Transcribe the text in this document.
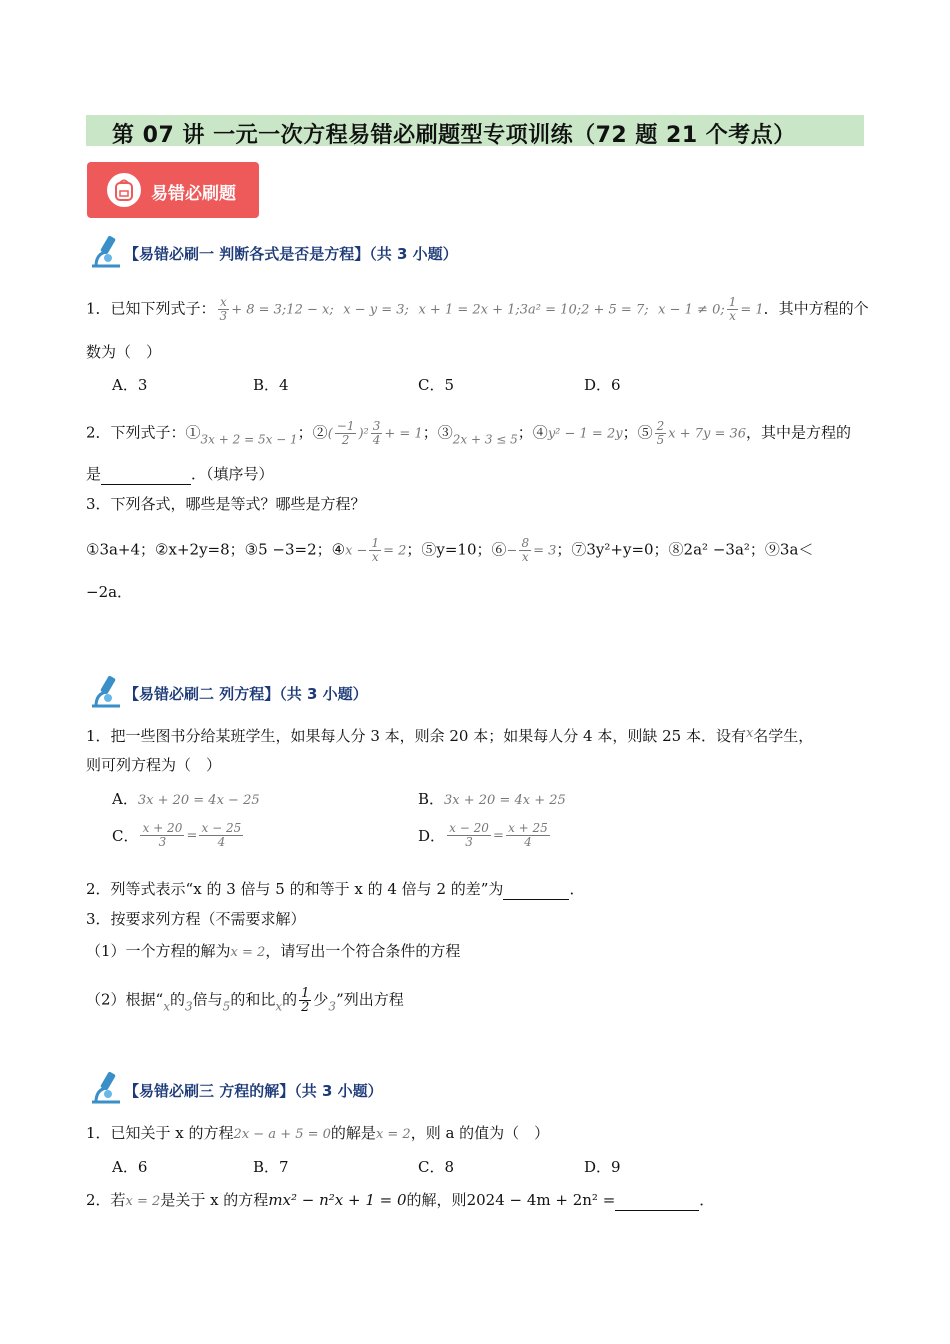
第 07 讲 一元一次方程易错必刷题型专项训练（72 题 21 个考点）
易错必刷题
【易错必刷一 判断各式是否是方程】（共 3 小题）
1．已知下列式子： $\frac{x}{3} + 8$ = 3;12 − x; x − y = 3; x + 1 = 2x + 1;3a² = 10;2 + 5 = 7; x − 1 ≠ 0; $\frac{1}{x} = 1$．其中方程的个
数为（　）
A．3	B．4	C．5	D．6
2．下列式子：$①_{3x + 2 = 5x - 1}$；②( $\frac{-1}{2} )^2 \frac{3}{4}$ + = 1；$③_{2x + 3 \le 5}$；④y² − 1 = 2y；⑤ $\frac{2}{5}$ x + 7y = 36，其中是方程的
是	．（填序号）
3．下列各式，哪些是等式？哪些是方程？
①3a+4；②x+2y=8；③5 −3=2；④x − $\frac{1}{x} = 2$；⑤y=10；⑥− $\frac{8}{x} = 3$；⑦3y²+y=0；⑧2a² −3a²；⑨3a＜
−2a．
【易错必刷二 列方程】（共 3 小题）
1．把一些图书分给某班学生，如果每人分 3 本，则余 20 本；如果每人分 4 本，则缺 25 本．设有x名学生，
则可列方程为（　）
A．3x + 20 = 4x − 25	B．3x + 20 = 4x + 25
C． $\frac{x + 20}{3} = \frac{x - 25}{4}$	D． $\frac{x - 20}{3} = \frac{x + 25}{4}$
2．列等式表示“x 的 3 倍与 5 的和等于 x 的 4 倍与 2 的差”为	．
3．按要求列方程（不需要求解）
（1）一个方程的解为x = 2，请写出一个符合条件的方程
（2）根据“$_x$的$_3$倍与$_5$的和比$_x$的 $\frac{1}{2}$ 少$_3$”列出方程
【易错必刷三 方程的解】（共 3 小题）
1．已知关于 x 的方程2x − a + 5 = 0的解是x = 2，则 a 的值为（　）
A．6	B．7	C．8	D．9
2．若x = 2是关于 x 的方程mx² − n²x + 1 = 0的解，则2024 − 4m + 2n² =	．
